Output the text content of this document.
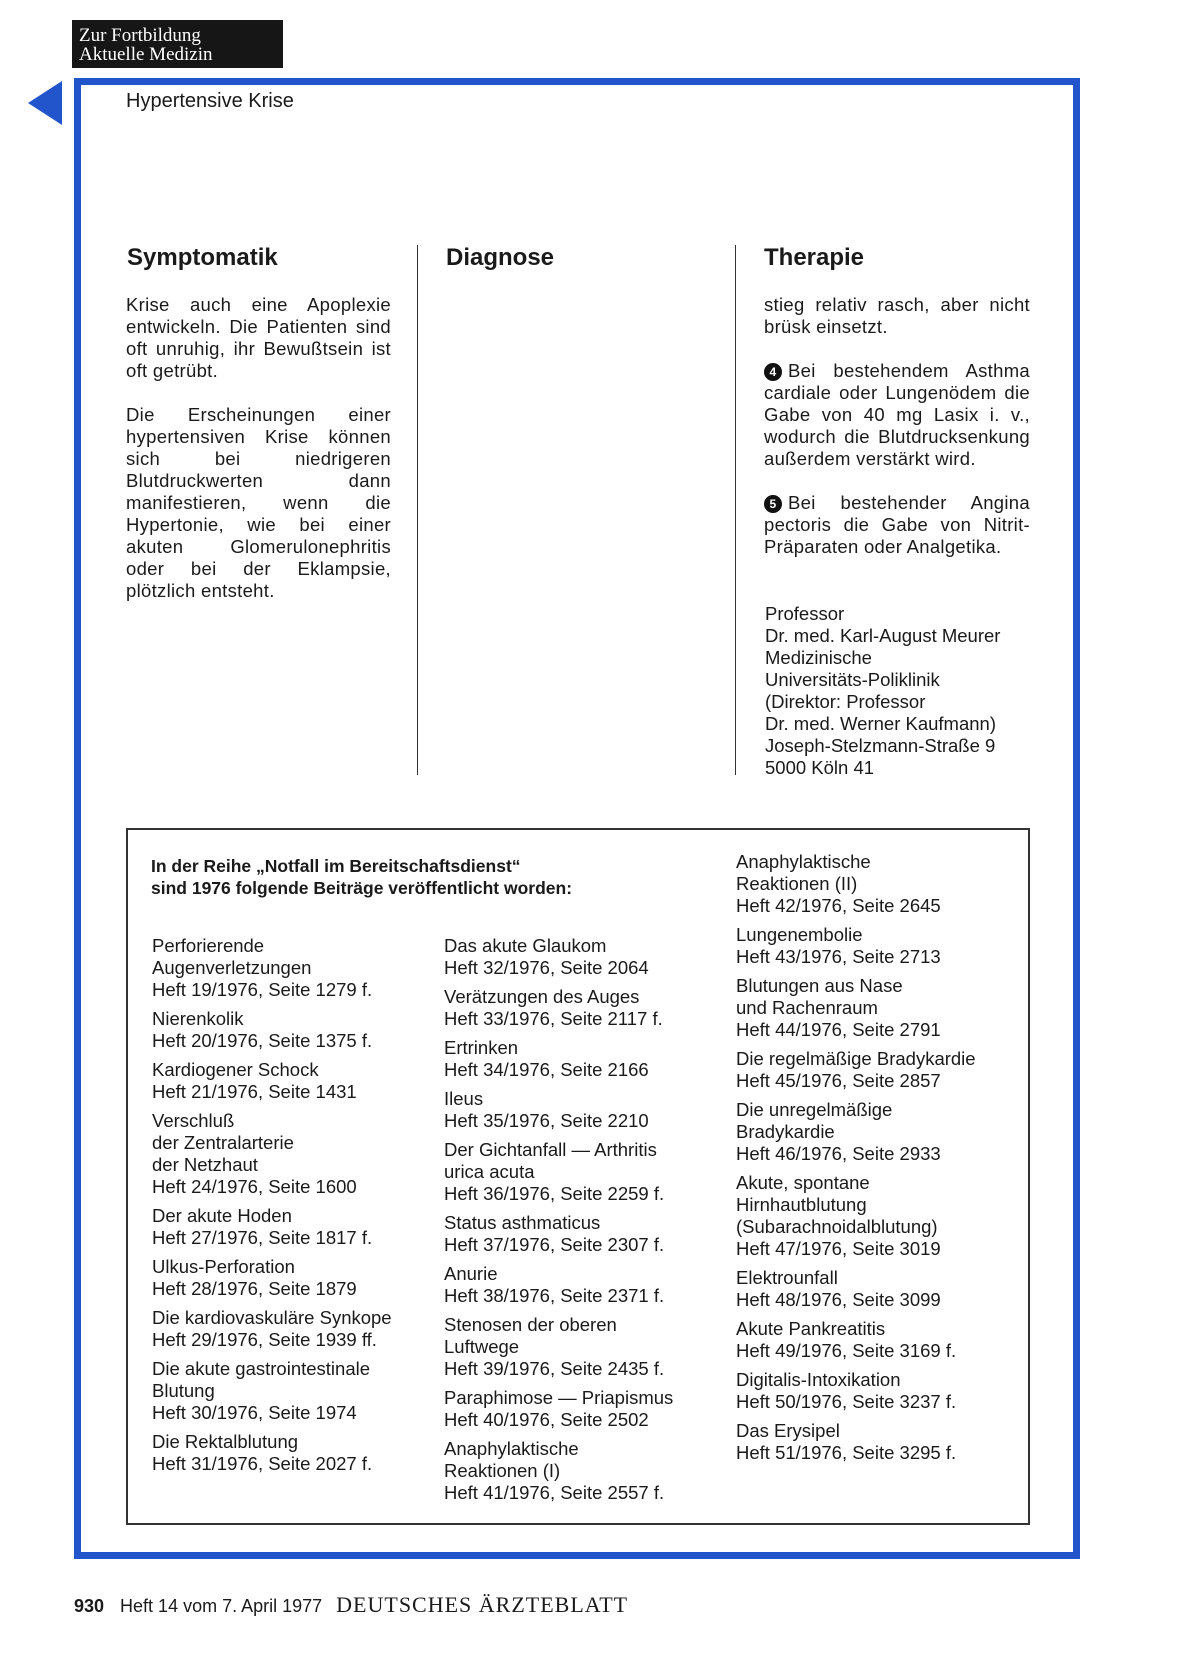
Zur Fortbildung
Aktuelle Medizin
Hypertensive Krise
Symptomatik	Diagnose	Therapie

Krise auch eine Apoplexie entwickeln. Die Patienten sind oft unruhig, ihr Bewußtsein ist oft getrübt.

Die Erscheinungen einer hypertensiven Krise können sich bei niedrigeren Blutdruckwerten dann manifestieren, wenn die Hypertonie, wie bei einer akuten Glomerulonephritis oder bei der Eklampsie, plötzlich entsteht.

stieg relativ rasch, aber nicht brüsk einsetzt.

4 Bei bestehendem Asthma cardiale oder Lungenödem die Gabe von 40 mg Lasix i. v., wodurch die Blutdrucksenkung außerdem verstärkt wird.

5 Bei bestehender Angina pectoris die Gabe von Nitrit-Präparaten oder Analgetika.

Professor
Dr. med. Karl-August Meurer
Medizinische
Universitäts-Poliklinik
(Direktor: Professor
Dr. med. Werner Kaufmann)
Joseph-Stelzmann-Straße 9
5000 Köln 41
In der Reihe „Notfall im Bereitschaftsdienst“
sind 1976 folgende Beiträge veröffentlicht worden:
Perforierende
Augenverletzungen
Heft 19/1976, Seite 1279 f.
Nierenkolik
Heft 20/1976, Seite 1375 f.
Kardiogener Schock
Heft 21/1976, Seite 1431
Verschluß
der Zentralarterie
der Netzhaut
Heft 24/1976, Seite 1600
Der akute Hoden
Heft 27/1976, Seite 1817 f.
Ulkus-Perforation
Heft 28/1976, Seite 1879
Die kardiovaskuläre Synkope
Heft 29/1976, Seite 1939 ff.
Die akute gastrointestinale
Blutung
Heft 30/1976, Seite 1974
Die Rektalblutung
Heft 31/1976, Seite 2027 f.
Das akute Glaukom
Heft 32/1976, Seite 2064
Verätzungen des Auges
Heft 33/1976, Seite 2117 f.
Ertrinken
Heft 34/1976, Seite 2166
Ileus
Heft 35/1976, Seite 2210
Der Gichtanfall — Arthritis
urica acuta
Heft 36/1976, Seite 2259 f.
Status asthmaticus
Heft 37/1976, Seite 2307 f.
Anurie
Heft 38/1976, Seite 2371 f.
Stenosen der oberen
Luftwege
Heft 39/1976, Seite 2435 f.
Paraphimose — Priapismus
Heft 40/1976, Seite 2502
Anaphylaktische
Reaktionen (I)
Heft 41/1976, Seite 2557 f.
Anaphylaktische
Reaktionen (II)
Heft 42/1976, Seite 2645
Lungenembolie
Heft 43/1976, Seite 2713
Blutungen aus Nase
und Rachenraum
Heft 44/1976, Seite 2791
Die regelmäßige Bradykardie
Heft 45/1976, Seite 2857
Die unregelmäßige
Bradykardie
Heft 46/1976, Seite 2933
Akute, spontane
Hirnhautblutung
(Subarachnoidalblutung)
Heft 47/1976, Seite 3019
Elektrounfall
Heft 48/1976, Seite 3099
Akute Pankreatitis
Heft 49/1976, Seite 3169 f.
Digitalis-Intoxikation
Heft 50/1976, Seite 3237 f.
Das Erysipel
Heft 51/1976, Seite 3295 f.
930 Heft 14 vom 7. April 1977 DEUTSCHES ÄRZTEBLATT
